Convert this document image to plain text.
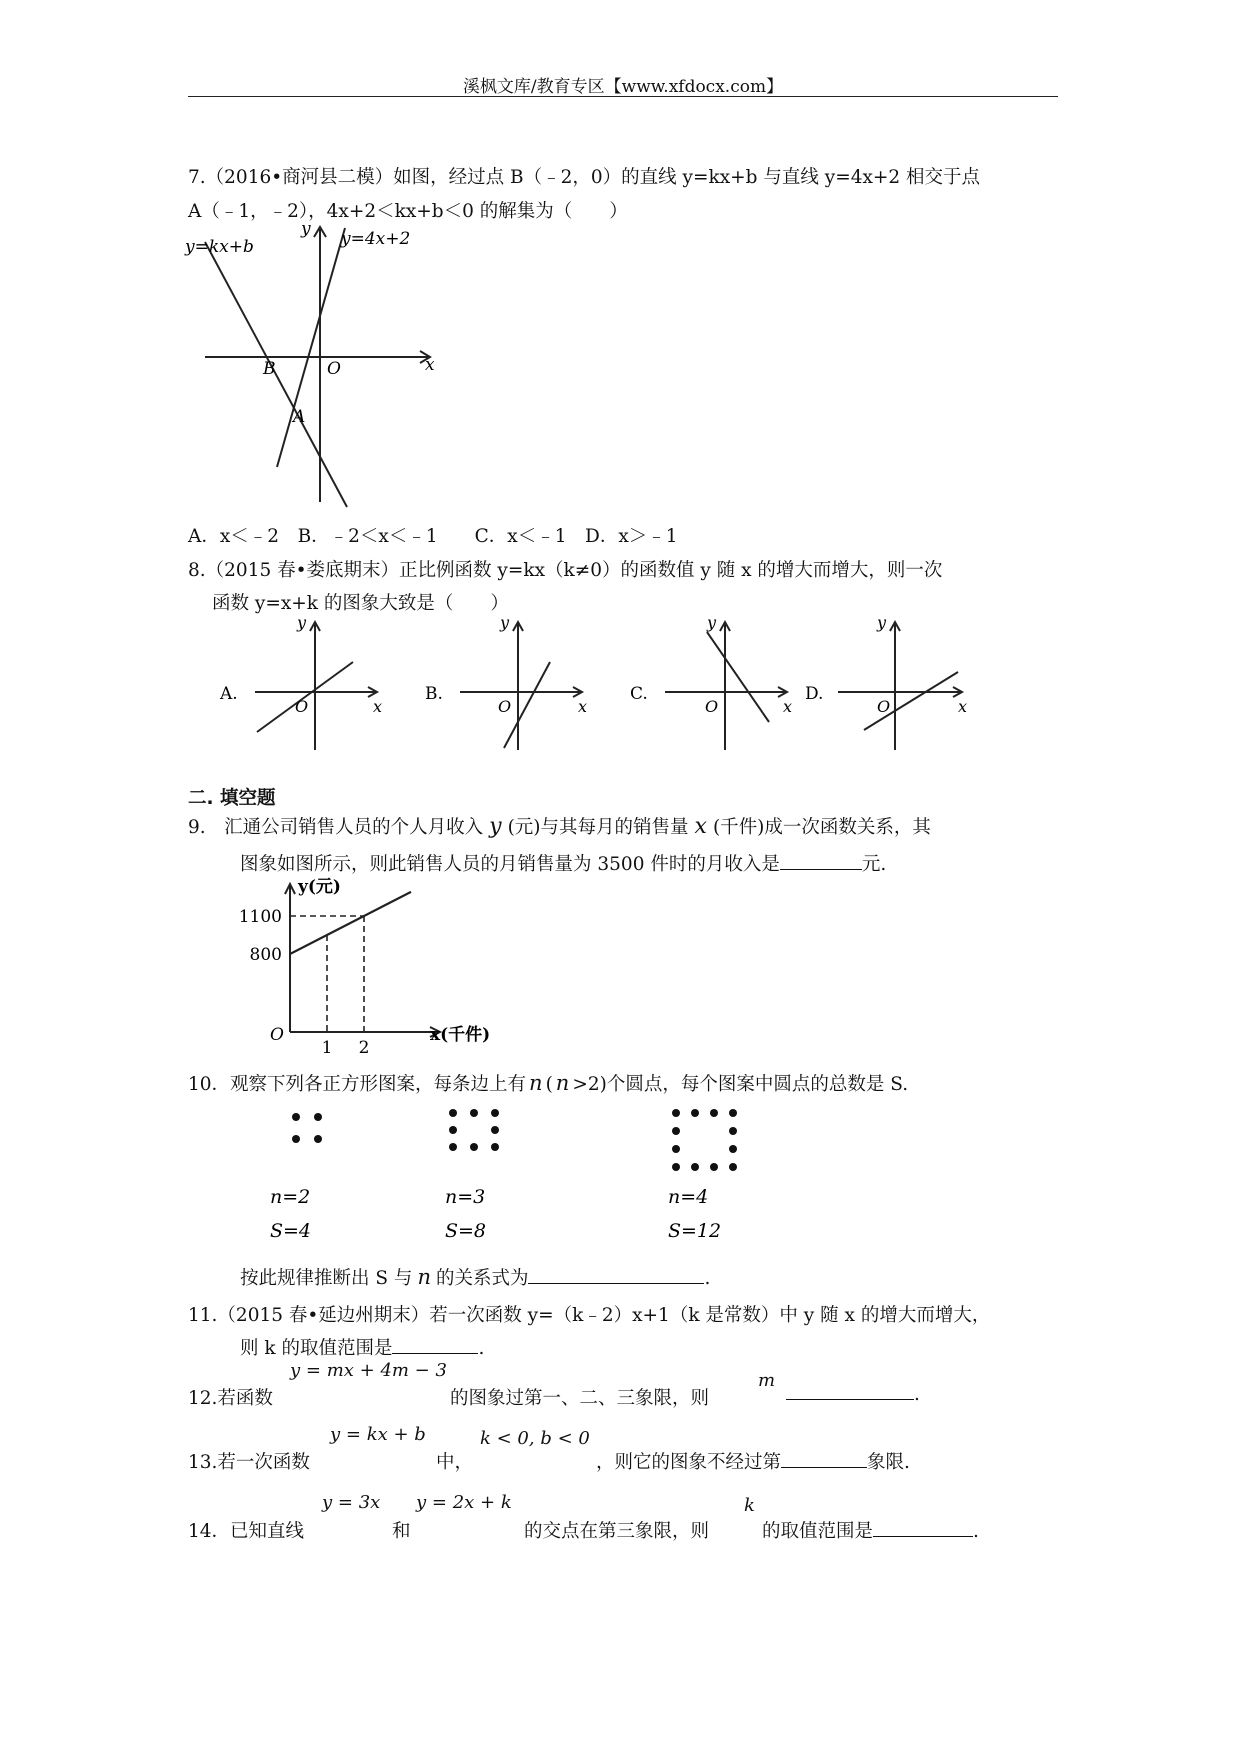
溪枫文库/教育专区【www.xfdocx.com】
7.（2016•商河县二模）如图，经过点 B（﹣2，0）的直线 y=kx+b 与直线 y=4x+2 相交于点
A（﹣1，﹣2），4x+2＜kx+b＜0 的解集为（　　）
y=kx+b	y=4x+2
y
x
O
B
A
A．x＜﹣2　B．﹣2＜x＜﹣1　　C．x＜﹣1　D．x＞﹣1
8.（2015 春•娄底期末）正比例函数 y=kx（k≠0）的函数值 y 随 x 的增大而增大，则一次
函数 y=x+k 的图象大致是（　　）
A.
y
x
O
B.
y
x
O
C.
y
x
O
D.
y
x
O
二. 填空题
9.　汇通公司销售人员的个人月收入 y (元)与其每月的销售量 x (千件)成一次函数关系，其
图象如图所示，则此销售人员的月销售量为 3500 件时的月收入是	元.
1100
800
1 2
y(元)
x(千件)
O
10．观察下列各正方形图案，每条边上有 n ( n >2)个圆点，每个图案中圆点的总数是 S.
n=2
S=4
n=3
S=8
n=4
S=12
按此规律推断出 S 与 n 的关系式为	.
11.（2015 春•延边州期末）若一次函数 y=（k﹣2）x+1（k 是常数）中 y 随 x 的增大而增大，
则 k 的取值范围是	.
12.若函数
y = mx + 4m − 3
的图象过第一、二、三象限，则
m
.
13.若一次函数
y = kx + b
中，
k < 0, b < 0
，则它的图象不经过第	象限.
14．已知直线
y = 3x
和
y = 2x + k
的交点在第三象限，则
k
的取值范围是	.
